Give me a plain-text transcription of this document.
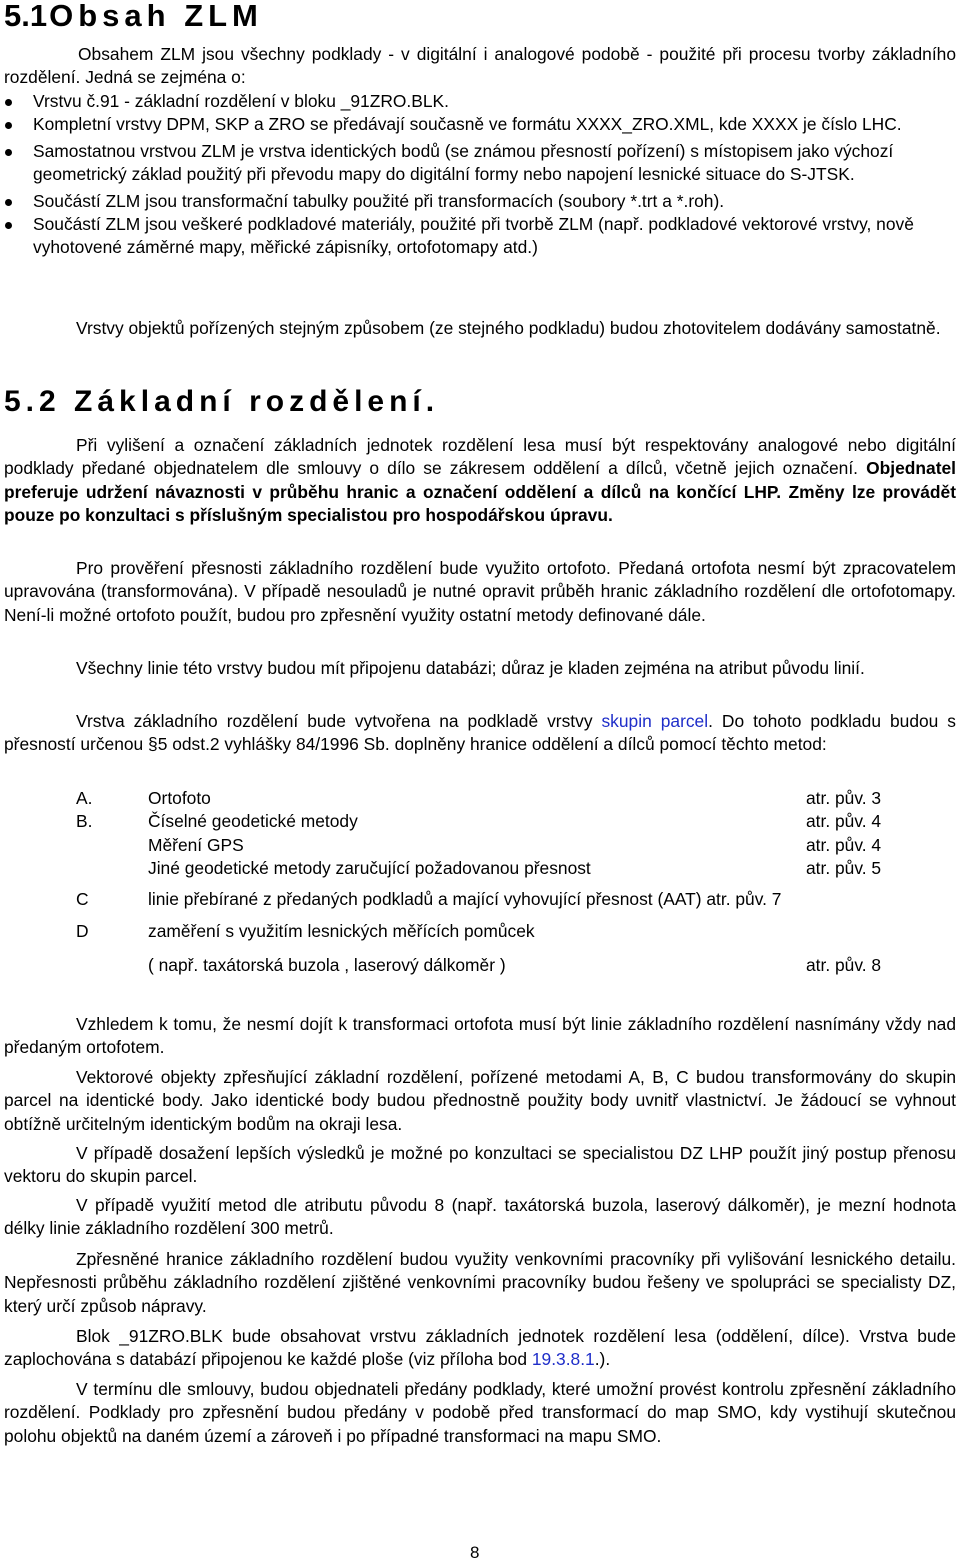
5.1Obsah ZLM

Obsahem ZLM jsou všechny podklady - v digitální i analogové podobě - použité při procesu tvorby základního rozdělení. Jedná se zejména o:

Vrstvu č.91 - základní rozdělení v bloku _91ZRO.BLK.
Kompletní vrstvy DPM, SKP a ZRO se předávají současně ve formátu XXXX_ZRO.XML, kde XXXX je číslo LHC.
Samostatnou vrstvou ZLM je vrstva identických bodů (se známou přesností pořízení) s místopisem jako výchozí geometrický základ použitý při převodu mapy do digitální formy nebo napojení lesnické situace do S-JTSK.
Součástí ZLM jsou transformační tabulky použité při transformacích (soubory *.trt a *.roh).
Součástí ZLM jsou veškeré podkladové materiály, použité při tvorbě ZLM (např. podkladové vektorové vrstvy, nově vyhotovené záměrné mapy, měřické zápisníky, ortofotomapy atd.)

Vrstvy objektů pořízených stejným způsobem (ze stejného podkladu) budou zhotovitelem dodávány samostatně.

5.2 Základní rozdělení.

Při vylišení a označení základních jednotek rozdělení lesa musí být respektovány analogové nebo digitální podklady předané objednatelem dle smlouvy o dílo se zákresem oddělení a dílců, včetně jejich označení. Objednatel preferuje udržení návaznosti v průběhu hranic a označení oddělení a dílců na končící LHP. Změny lze provádět pouze po konzultaci s příslušným specialistou pro hospodářskou úpravu.

Pro prověření přesnosti základního rozdělení bude využito ortofoto. Předaná ortofota nesmí být zpracovatelem upravována (transformována). V případě nesouladů je nutné opravit průběh hranic základního rozdělení dle ortofotomapy. Není-li možné ortofoto použít, budou pro zpřesnění využity ostatní metody definované dále.

Všechny linie této vrstvy budou mít připojenu databázi; důraz je kladen zejména na atribut původu linií.

Vrstva základního rozdělení bude vytvořena na podkladě vrstvy skupin parcel. Do tohoto podkladu budou s přesností určenou §5 odst.2 vyhlášky 84/1996 Sb. doplněny hranice oddělení a dílců pomocí těchto metod:

A.	Ortofoto	atr. pův. 3
B.	Číselné geodetické metody	atr. pův. 4
	Měření GPS	atr. pův. 4
	Jiné geodetické metody zaručující požadovanou přesnost	atr. pův. 5
C	linie přebírané z předaných podkladů a mající vyhovující přesnost (AAT) atr. pův. 7	
D	zaměření s využitím lesnických měřících pomůcek	
	( např. taxátorská buzola , laserový dálkoměr )	atr. pův. 8

Vzhledem k tomu, že nesmí dojít k transformaci ortofota musí být linie základního rozdělení nasnímány vždy nad předaným ortofotem.

Vektorové objekty zpřesňující základní rozdělení, pořízené metodami A, B, C budou transformovány do skupin parcel na identické body. Jako identické body budou přednostně použity body uvnitř vlastnictví. Je žádoucí se vyhnout obtížně určitelným identickým bodům na okraji lesa.

V případě dosažení lepších výsledků je možné po konzultaci se specialistou DZ LHP použít jiný postup přenosu vektoru do skupin parcel.

V případě využití metod dle atributu původu 8 (např. taxátorská buzola, laserový dálkoměr), je mezní hodnota délky linie základního rozdělení 300 metrů.

Zpřesněné hranice základního rozdělení budou využity venkovními pracovníky při vylišování lesnického detailu. Nepřesnosti průběhu základního rozdělení zjištěné venkovními pracovníky budou řešeny ve spolupráci se specialisty DZ, který určí způsob nápravy.

Blok _91ZRO.BLK bude obsahovat vrstvu základních jednotek rozdělení lesa (oddělení, dílce). Vrstva bude zaplochována s databází připojenou ke každé ploše (viz příloha bod 19.3.8.1.).

V termínu dle smlouvy, budou objednateli předány podklady, které umožní provést kontrolu zpřesnění základního rozdělení. Podklady pro zpřesnění budou předány v podobě před transformací do map SMO, kdy vystihují skutečnou polohu objektů na daném území a zároveň i po případné transformaci na mapu SMO.

8
